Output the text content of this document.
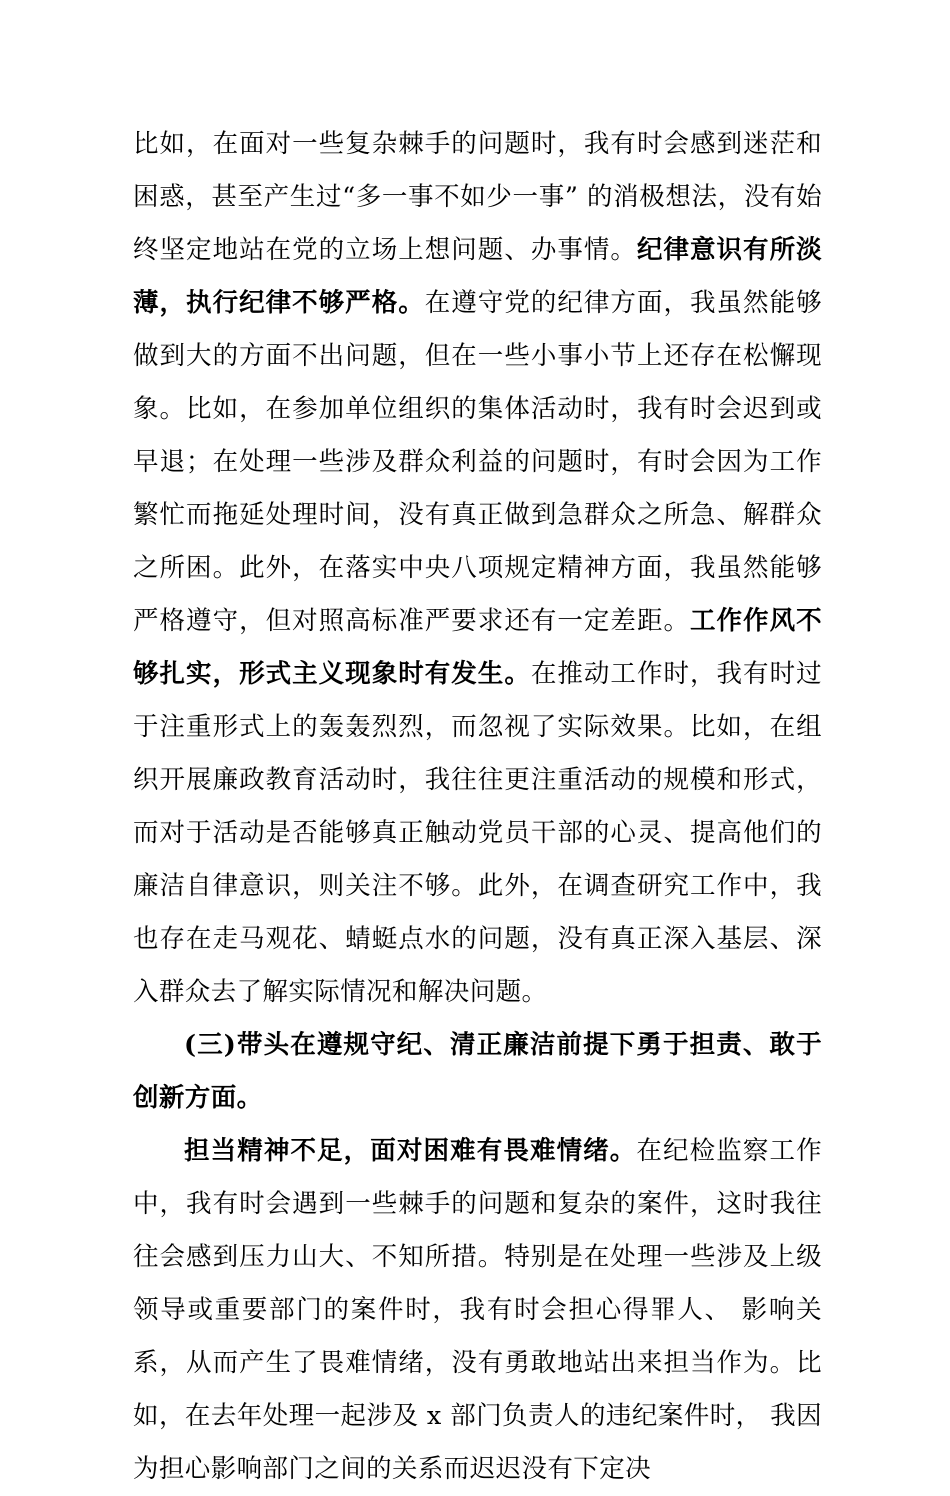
比如，在面对一些复杂棘手的问题时，我有时会感到迷茫和困惑，甚至产生过“多一事不如少一事” 的消极想法，没有始终坚定地站在党的立场上想问题、办事情。纪律意识有所淡薄，执行纪律不够严格。在遵守党的纪律方面，我虽然能够做到大的方面不出问题，但在一些小事小节上还存在松懈现象。比如，在参加单位组织的集体活动时，我有时会迟到或早退；在处理一些涉及群众利益的问题时，有时会因为工作繁忙而拖延处理时间，没有真正做到急群众之所急、解群众之所困。此外，在落实中央八项规定精神方面，我虽然能够严格遵守，但对照高标准严要求还有一定差距。工作作风不够扎实，形式主义现象时有发生。在推动工作时，我有时过于注重形式上的轰轰烈烈，而忽视了实际效果。比如，在组织开展廉政教育活动时，我往往更注重活动的规模和形式，而对于活动是否能够真正触动党员干部的心灵、提高他们的廉洁自律意识，则关注不够。此外，在调查研究工作中，我也存在走马观花、蜻蜓点水的问题，没有真正深入基层、深入群众去了解实际情况和解决问题。

(三)带头在遵规守纪、清正廉洁前提下勇于担责、敢于创新方面。

担当精神不足，面对困难有畏难情绪。在纪检监察工作中，我有时会遇到一些棘手的问题和复杂的案件，这时我往往会感到压力山大、不知所措。特别是在处理一些涉及上级领导或重要部门的案件时，我有时会担心得罪人、 影响关系，从而产生了畏难情绪，没有勇敢地站出来担当作为。比如，在去年处理一起涉及 x 部门负责人的违纪案件时， 我因为担心影响部门之间的关系而迟迟没有下定决
